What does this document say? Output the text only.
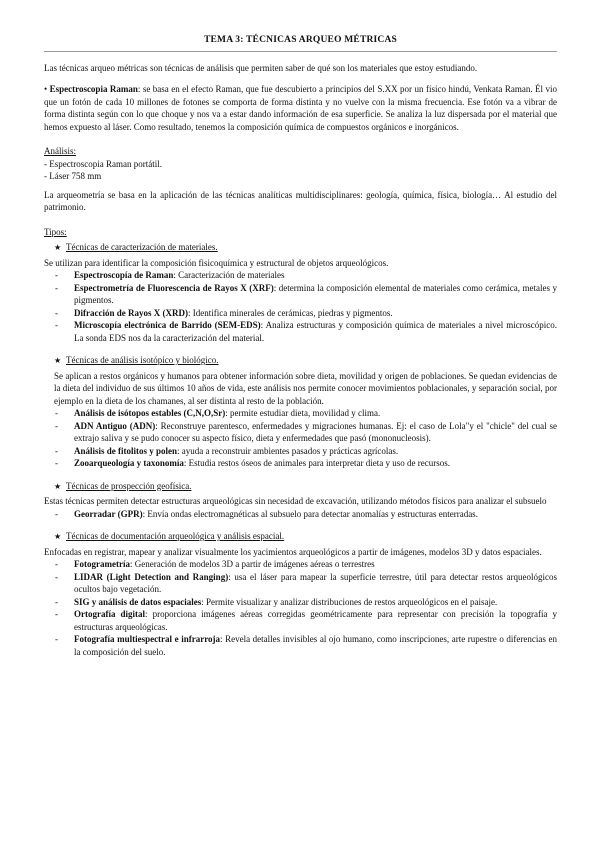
TEMA 3: TÉCNICAS ARQUEO MÉTRICAS

Las técnicas arqueo métricas son técnicas de análisis que permiten saber de qué son los materiales que estoy estudiando.

• Espectroscopia Raman: se basa en el efecto Raman, que fue descubierto a principios del S.XX por un físico hindú, Venkata Raman. Él vio que un fotón de cada 10 millones de fotones se comporta de forma distinta y no vuelve con la misma frecuencia. Ese fotón va a vibrar de forma distinta según con lo que choque y nos va a estar dando información de esa superficie. Se analiza la luz dispersada por el material que hemos expuesto al láser. Como resultado, tenemos la composición química de compuestos orgánicos e inorgánicos.

Análisis:

- Espectroscopia Raman portátil.

- Láser 758 mm

La arqueometría se basa en la aplicación de las técnicas analíticas multidisciplinares: geología, química, física, biología… Al estudio del patrimonio.

Tipos:

★ Técnicas de caracterización de materiales.

Se utilizan para identificar la composición fisicoquímica y estructural de objetos arqueológicos.

- Espectroscopía de Raman: Caracterización de materiales
- Espectrometría de Fluorescencia de Rayos X (XRF): determina la composición elemental de materiales como cerámica, metales y pigmentos.
- Difracción de Rayos X (XRD): Identifica minerales de cerámicas, piedras y pigmentos.
- Microscopía electrónica de Barrido (SEM-EDS): Analiza estructuras y composición química de materiales a nivel microscópico. La sonda EDS nos da la caracterización del material.

★ Técnicas de análisis isotópico y biológico.

Se aplican a restos orgánicos y humanos para obtener información sobre dieta, movilidad y origen de poblaciones. Se quedan evidencias de la dieta del individuo de sus últimos 10 años de vida, este análisis nos permite conocer movimientos poblacionales, y separación social, por ejemplo en la dieta de los chamanes, al ser distinta al resto de la población.

- Análisis de isótopos estables (C,N,O,Sr): permite estudiar dieta, movilidad y clima.
- ADN Antiguo (ADN): Reconstruye parentesco, enfermedades y migraciones humanas. Ej: el caso de Lola"y el "chicle" del cual se extrajo saliva y se pudo conocer su aspecto físico, dieta y enfermedades que pasó (mononucleosis).
- Análisis de fitolitos y polen: ayuda a reconstruir ambientes pasados y prácticas agrícolas.
- Zooarqueología y taxonomía: Estudia restos óseos de animales para interpretar dieta y uso de recursos.

★ Técnicas de prospección geofísica.

Estas técnicas permiten detectar estructuras arqueológicas sin necesidad de excavación, utilizando métodos físicos para analizar el subsuelo

- Georradar (GPR): Envía ondas electromagnéticas al subsuelo para detectar anomalías y estructuras enterradas.

★ Técnicas de documentación arqueológica y análisis espacial.

Enfocadas en registrar, mapear y analizar visualmente los yacimientos arqueológicos a partir de imágenes, modelos 3D y datos espaciales.

- Fotogrametría: Generación de modelos 3D a partir de imágenes aéreas o terrestres
- LIDAR (Light Detection and Ranging): usa el láser para mapear la superficie terrestre, útil para detectar restos arqueológicos ocultos bajo vegetación.
- SIG y análisis de datos espaciales: Permite visualizar y analizar distribuciones de restos arqueológicos en el paisaje.
- Ortografía digital: proporciona imágenes aéreas corregidas geométricamente para representar con precisión la topografía y estructuras arqueológicas.
- Fotografía multiespectral e infrarroja: Revela detalles invisibles al ojo humano, como inscripciones, arte rupestre o diferencias en la composición del suelo.
